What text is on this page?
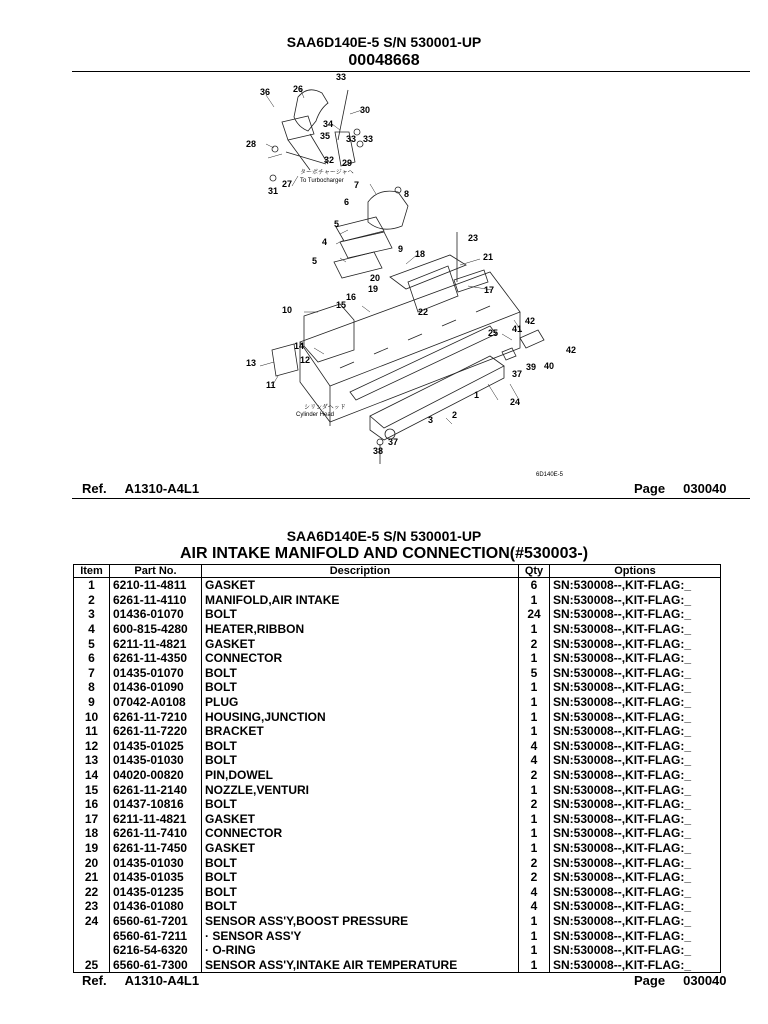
SAA6D140E-5 S/N 530001-UP
00048668
33
36	26
30
34
35 33 33
28
32 29
27
31
7
8
6
5
9
23
4
18	21
5
20
19	17
16
15
22
10
14
42
41
25
42
13	12
40
39
11
37
24
1
3 2
37
38
ターボチャージャへ
To Turbocharger
シリンダヘッド
Cylinder Head
6D140E-5
Ref. A1310-A4L1	Page 030040
SAA6D140E-5 S/N 530001-UP
AIR INTAKE MANIFOLD AND CONNECTION(#530003-)
Item	Part No.	Description	Qty	Options
1	6210-11-4811	GASKET	6	SN:530008--,KIT-FLAG:_
2	6261-11-4110	MANIFOLD,AIR INTAKE	1	SN:530008--,KIT-FLAG:_
3	01436-01070	BOLT	24	SN:530008--,KIT-FLAG:_
4	600-815-4280	HEATER,RIBBON	1	SN:530008--,KIT-FLAG:_
5	6211-11-4821	GASKET	2	SN:530008--,KIT-FLAG:_
6	6261-11-4350	CONNECTOR	1	SN:530008--,KIT-FLAG:_
7	01435-01070	BOLT	5	SN:530008--,KIT-FLAG:_
8	01436-01090	BOLT	1	SN:530008--,KIT-FLAG:_
9	07042-A0108	PLUG	1	SN:530008--,KIT-FLAG:_
10	6261-11-7210	HOUSING,JUNCTION	1	SN:530008--,KIT-FLAG:_
11	6261-11-7220	BRACKET	1	SN:530008--,KIT-FLAG:_
12	01435-01025	BOLT	4	SN:530008--,KIT-FLAG:_
13	01435-01030	BOLT	4	SN:530008--,KIT-FLAG:_
14	04020-00820	PIN,DOWEL	2	SN:530008--,KIT-FLAG:_
15	6261-11-2140	NOZZLE,VENTURI	1	SN:530008--,KIT-FLAG:_
16	01437-10816	BOLT	2	SN:530008--,KIT-FLAG:_
17	6211-11-4821	GASKET	1	SN:530008--,KIT-FLAG:_
18	6261-11-7410	CONNECTOR	1	SN:530008--,KIT-FLAG:_
19	6261-11-7450	GASKET	1	SN:530008--,KIT-FLAG:_
20	01435-01030	BOLT	2	SN:530008--,KIT-FLAG:_
21	01435-01035	BOLT	2	SN:530008--,KIT-FLAG:_
22	01435-01235	BOLT	4	SN:530008--,KIT-FLAG:_
23	01436-01080	BOLT	4	SN:530008--,KIT-FLAG:_
24	6560-61-7201	SENSOR ASS'Y,BOOST PRESSURE	1	SN:530008--,KIT-FLAG:_
	6560-61-7211	· SENSOR ASS'Y	1	SN:530008--,KIT-FLAG:_
	6216-54-6320	· O-RING	1	SN:530008--,KIT-FLAG:_
25	6560-61-7300	SENSOR ASS'Y,INTAKE AIR TEMPERATURE	1	SN:530008--,KIT-FLAG:_
Ref. A1310-A4L1	Page 030040
